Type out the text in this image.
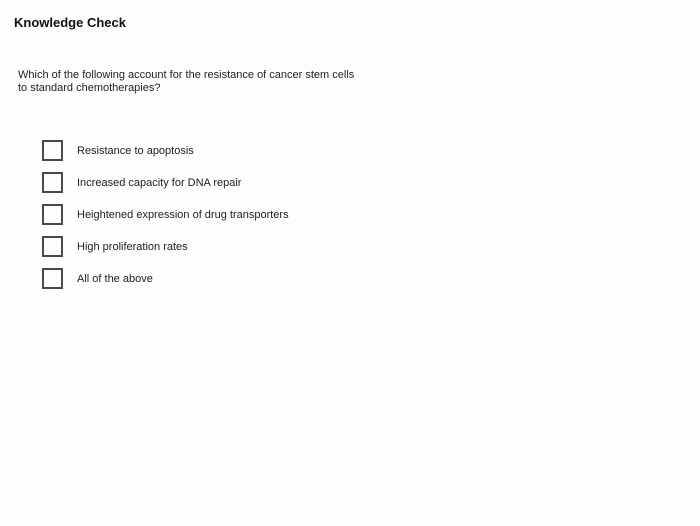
Knowledge Check
Which of the following account for the resistance of cancer stem cells to standard chemotherapies?
Resistance to apoptosis
Increased capacity for DNA repair
Heightened expression of drug transporters
High proliferation rates
All of the above
